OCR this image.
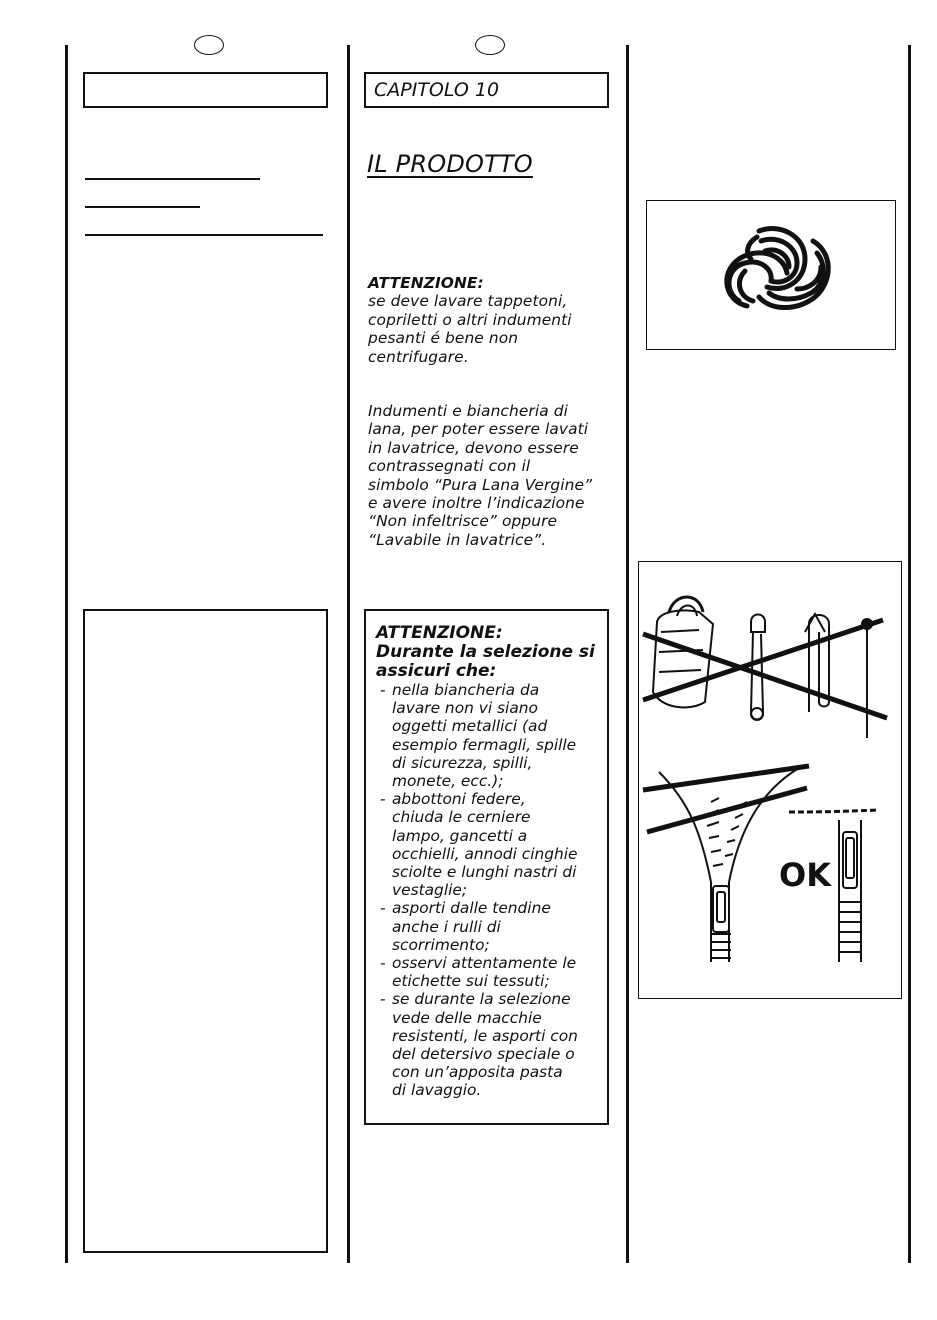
CAPITOLO 10
IL PRODOTTO
ATTENZIONE:
se deve lavare tappetoni,
copriletti o altri indumenti
pesanti é bene non
centrifugare.
Indumenti e biancheria di
lana, per poter essere lavati
in lavatrice, devono essere
contrassegnati con il
simbolo “Pura Lana Vergine”
e avere inoltre l’indicazione
“Non infeltrisce” oppure
“Lavabile in lavatrice”.
ATTENZIONE:
Durante la selezione si
assicuri che:
- nella biancheria da
lavare non vi siano
oggetti metallici (ad
esempio fermagli, spille
di sicurezza, spilli,
monete, ecc.);
- abbottoni federe,
chiuda le cerniere
lampo, gancetti a
occhielli, annodi cinghie
sciolte e lunghi nastri di
vestaglie;
- asporti dalle tendine
anche i rulli di
scorrimento;
- osservi attentamente le
etichette sui tessuti;
- se durante la selezione
vede delle macchie
resistenti, le asporti con
del detersivo speciale o
con un’apposita pasta
di lavaggio.
OK
